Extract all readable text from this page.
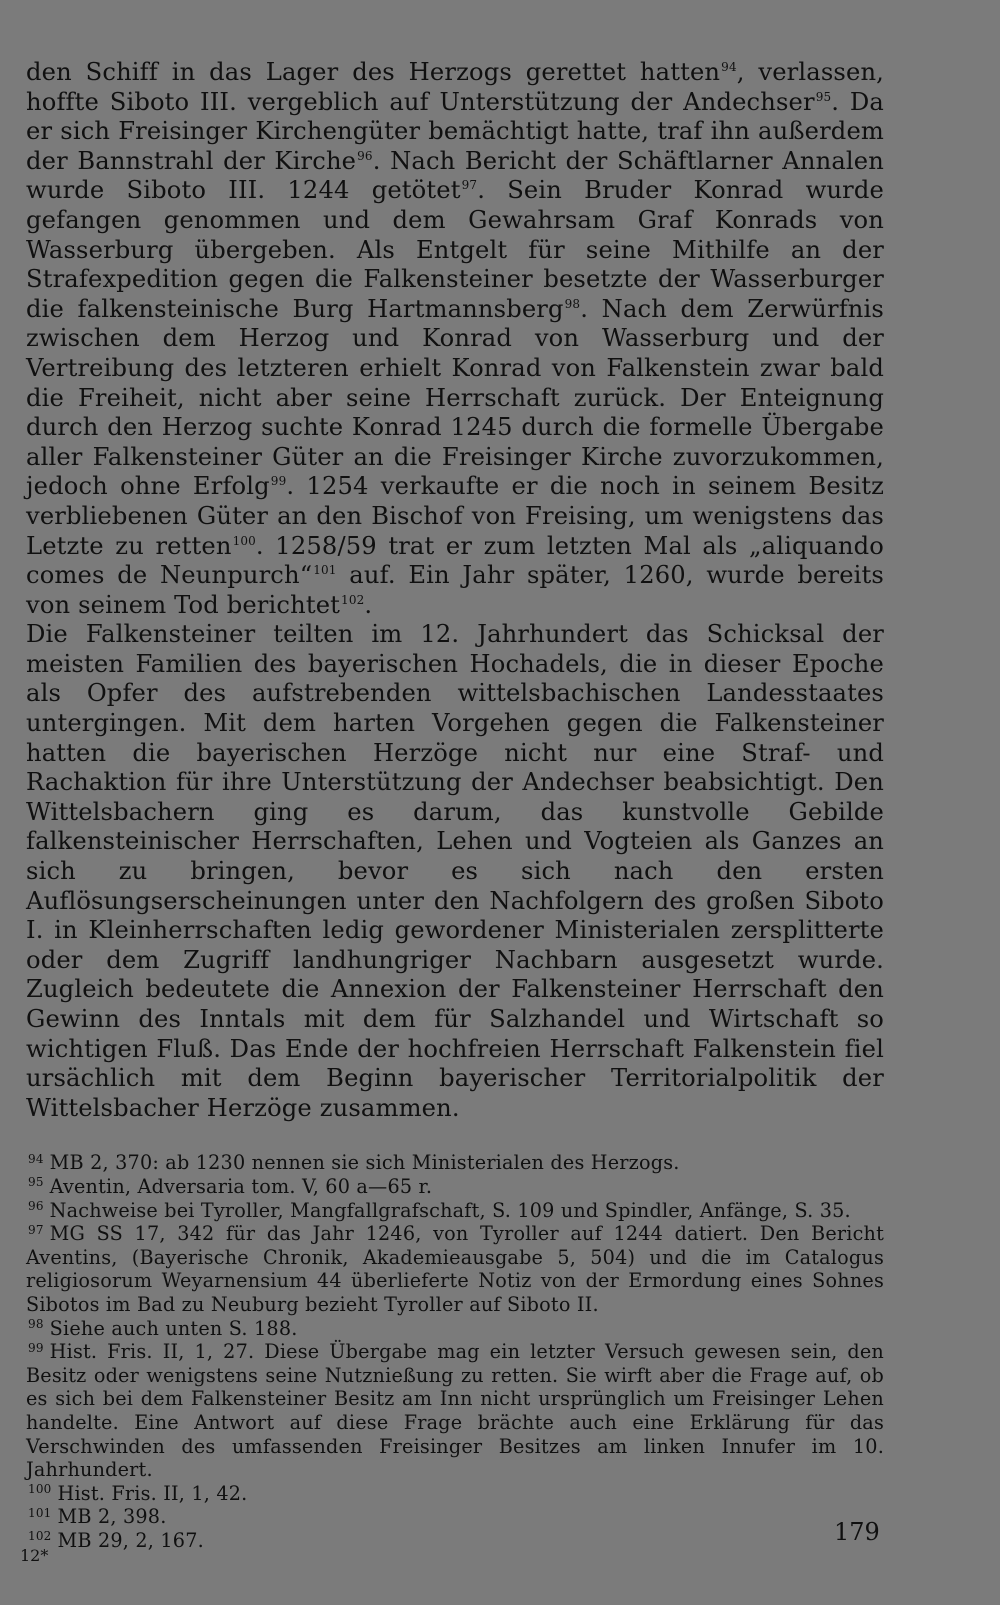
den Schiff in das Lager des Herzogs gerettet hatten$^{94}$, verlassen, hoffte Siboto III. vergeblich auf Unterstützung der Andechser$^{95}$. Da er sich Freisinger Kirchengüter bemächtigt hatte, traf ihn außerdem der Bannstrahl der Kirche$^{96}$. Nach Bericht der Schäftlarner Annalen wurde Siboto III. 1244 getötet$^{97}$. Sein Bruder Konrad wurde gefangen genommen und dem Gewahrsam Graf Konrads von Wasserburg übergeben. Als Entgelt für seine Mithilfe an der Strafexpedition gegen die Falkensteiner besetzte der Wasserburger die falkensteinische Burg Hartmannsberg$^{98}$. Nach dem Zerwürfnis zwischen dem Herzog und Konrad von Wasserburg und der Vertreibung des letzteren erhielt Konrad von Falkenstein zwar bald die Freiheit, nicht aber seine Herrschaft zurück. Der Enteignung durch den Herzog suchte Konrad 1245 durch die formelle Übergabe aller Falkensteiner Güter an die Freisinger Kirche zuvorzukommen, jedoch ohne Erfolg$^{99}$. 1254 verkaufte er die noch in seinem Besitz verbliebenen Güter an den Bischof von Freising, um wenigstens das Letzte zu retten$^{100}$. 1258/59 trat er zum letzten Mal als „aliquando comes de Neunpurch“$^{101}$ auf. Ein Jahr später, 1260, wurde bereits von seinem Tod berichtet$^{102}$.

Die Falkensteiner teilten im 12. Jahrhundert das Schicksal der meisten Familien des bayerischen Hochadels, die in dieser Epoche als Opfer des aufstrebenden wittelsbachischen Landesstaates untergingen. Mit dem harten Vorgehen gegen die Falkensteiner hatten die bayerischen Herzöge nicht nur eine Straf- und Rachaktion für ihre Unterstützung der Andechser beabsichtigt. Den Wittelsbachern ging es darum, das kunstvolle Gebilde falkensteinischer Herrschaften, Lehen und Vogteien als Ganzes an sich zu bringen, bevor es sich nach den ersten Auflösungserscheinungen unter den Nachfolgern des großen Siboto I. in Kleinherrschaften ledig gewordener Ministerialen zersplitterte oder dem Zugriff landhungriger Nachbarn ausgesetzt wurde. Zugleich bedeutete die Annexion der Falkensteiner Herrschaft den Gewinn des Inntals mit dem für Salzhandel und Wirtschaft so wichtigen Fluß. Das Ende der hochfreien Herrschaft Falkenstein fiel ursächlich mit dem Beginn bayerischer Territorialpolitik der Wittelsbacher Herzöge zusammen.

$^{94}$ MB 2, 370: ab 1230 nennen sie sich Ministerialen des Herzogs.
$^{95}$ Aventin, Adversaria tom. V, 60 a—65 r.
$^{96}$ Nachweise bei Tyroller, Mangfallgrafschaft, S. 109 und Spindler, Anfänge, S. 35.
$^{97}$ MG SS 17, 342 für das Jahr 1246, von Tyroller auf 1244 datiert. Den Bericht Aventins, (Bayerische Chronik, Akademieausgabe 5, 504) und die im Catalogus religiosorum Weyarnensium 44 überlieferte Notiz von der Ermordung eines Sohnes Sibotos im Bad zu Neuburg bezieht Tyroller auf Siboto II.
$^{98}$ Siehe auch unten S. 188.
$^{99}$ Hist. Fris. II, 1, 27. Diese Übergabe mag ein letzter Versuch gewesen sein, den Besitz oder wenigstens seine Nutznießung zu retten. Sie wirft aber die Frage auf, ob es sich bei dem Falkensteiner Besitz am Inn nicht ursprünglich um Freisinger Lehen handelte. Eine Antwort auf diese Frage brächte auch eine Erklärung für das Verschwinden des umfassenden Freisinger Besitzes am linken Innufer im 10. Jahrhundert.
$^{100}$ Hist. Fris. II, 1, 42.
$^{101}$ MB 2, 398.
$^{102}$ MB 29, 2, 167.	179
12*
